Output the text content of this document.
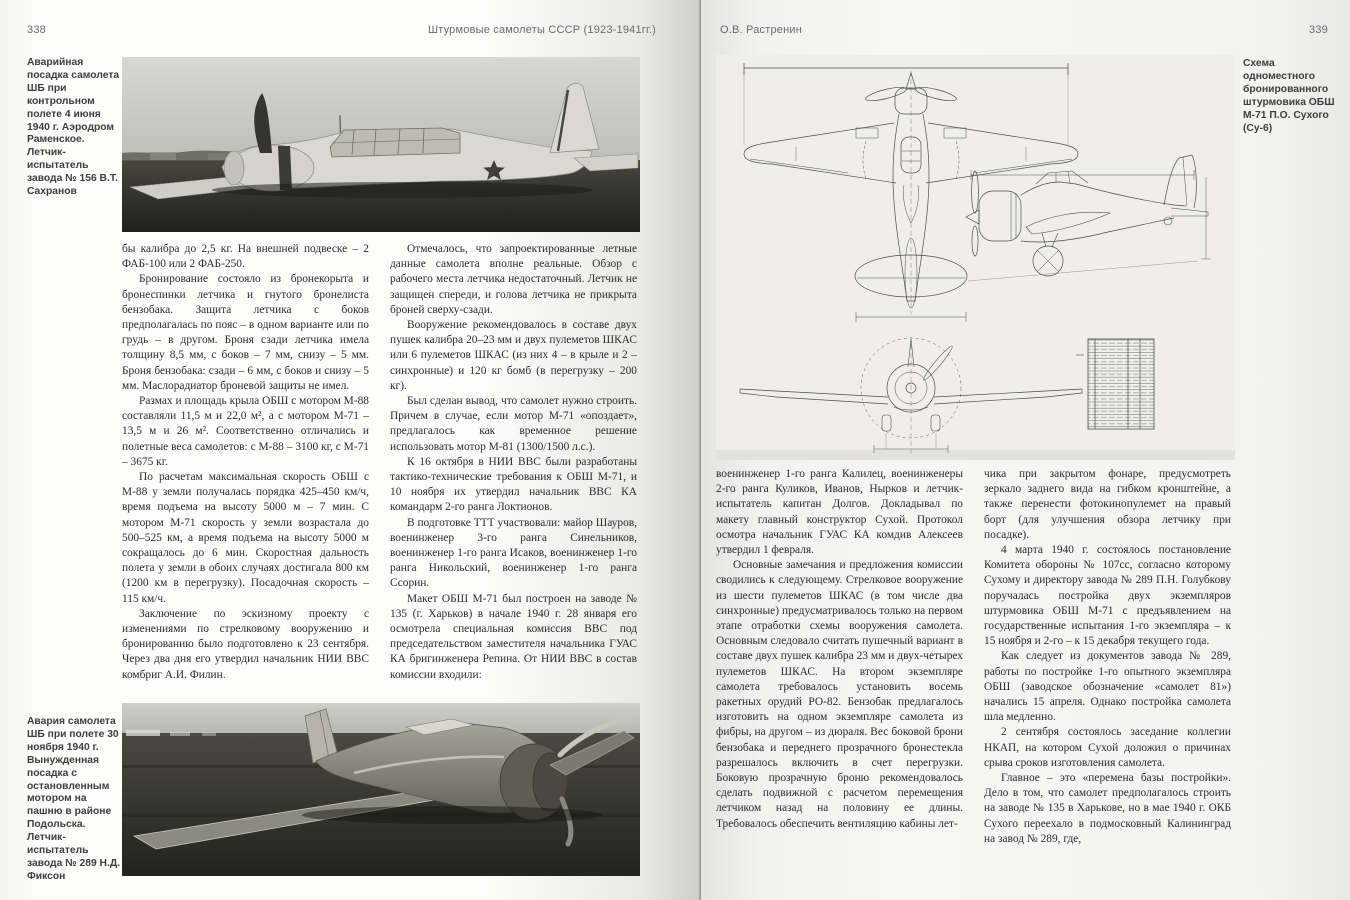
338	Штурмовые самолеты СССР (1923-1941гг.)
Аварийная посадка самолета ШБ при контрольном полете 4 июня 1940 г. Аэродром Раменское. Летчик-испытатель завода № 156 В.Т. Сахранов

бы калибра до 2,5 кг. На внешней подвеске – 2 ФАБ-100 или 2 ФАБ-250.

Бронирование состояло из бронекорыта и бронеспинки летчика и гнутого бронелиста бензобака. Защита летчика с боков предполагалась по пояс – в одном варианте или по грудь – в другом. Броня сзади летчика имела толщину 8,5 мм, с боков – 7 мм, снизу – 5 мм. Броня бензобака: сзади – 6 мм, с боков и снизу – 5 мм. Маслорадиатор броневой защиты не имел.

Размах и площадь крыла ОБШ с мотором М-88 составляли 11,5 м и 22,0 м², а с мотором М-71 – 13,5 м и 26 м². Соответственно отличались и полетные веса самолетов: с М-88 – 3100 кг, с М-71 – 3675 кг.

По расчетам максимальная скорость ОБШ с М-88 у земли получалась порядка 425–450 км/ч, время подъема на высоту 5000 м – 7 мин. С мотором М-71 скорость у земли возрастала до 500–525 км, а время подъема на высоту 5000 м сокращалось до 6 мин. Скоростная дальность полета у земли в обоих случаях достигала 800 км (1200 км в перегрузку). Посадочная скорость – 115 км/ч.

Заключение по эскизному проекту с изменениями по стрелковому вооружению и бронированию было подготовлено к 23 сентября. Через два дня его утвердил начальник НИИ ВВС комбриг А.И. Филин.

Отмечалось, что запроектированные летные данные самолета вполне реальные. Обзор с рабочего места летчика недостаточный. Летчик не защищен спереди, и голова летчика не прикрыта броней сверху-сзади.

Вооружение рекомендовалось в составе двух пушек калибра 20–23 мм и двух пулеметов ШКАС или 6 пулеметов ШКАС (из них 4 – в крыле и 2 – синхронные) и 120 кг бомб (в перегрузку – 200 кг).

Был сделан вывод, что самолет нужно строить. Причем в случае, если мотор М-71 «опоздает», предлагалось как временное решение использовать мотор М-81 (1300/1500 л.с.).

К 16 октября в НИИ ВВС были разработаны тактико-технические требования к ОБШ М-71, и 10 ноября их утвердил начальник ВВС КА командарм 2-го ранга Локтионов.

В подготовке ТТТ участвовали: майор Шауров, военинженер 3-го ранга Синельников, военинженер 1-го ранга Исаков, военинженер 1-го ранга Никольский, военинженер 1-го ранга Ссорин.

Макет ОБШ М-71 был построен на заводе № 135 (г. Харьков) в начале 1940 г. 28 января его осмотрела специальная комиссия ВВС под председательством заместителя начальника ГУАС КА бригинженера Репина. От НИИ ВВС в состав комиссии входили:

Авария самолета ШБ при полете 30 ноября 1940 г. Вынужденная посадка с остановленным мотором на пашню в районе Подольска. Летчик-испытатель завода № 289 Н.Д. Фиксон
О.В. Растренин	339
Схема одноместного бронированного штурмовика ОБШ М-71 П.О. Сухого (Су-6)

военинженер 1-го ранга Калилец, военинженеры 2-го ранга Куликов, Иванов, Нырков и летчик-испытатель капитан Долгов. Докладывал по макету главный конструктор Сухой. Протокол осмотра начальник ГУАС КА комдив Алексеев утвердил 1 февраля.

Основные замечания и предложения комиссии сводились к следующему. Стрелковое вооружение из шести пулеметов ШКАС (в том числе два синхронные) предусматривалось только на первом этапе отработки схемы вооружения самолета. Основным следовало считать пушечный вариант в составе двух пушек калибра 23 мм и двух-четырех пулеметов ШКАС. На втором экземпляре самолета требовалось установить восемь ракетных орудий РО-82. Бензобак предлагалось изготовить на одном экземпляре самолета из фибры, на другом – из дюраля. Вес боковой брони бензобака и переднего прозрачного бронестекла разрешалось включить в счет перегрузки. Боковую прозрачную броню рекомендовалось сделать подвижной с расчетом перемещения летчиком назад на половину ее длины. Требовалось обеспечить вентиляцию кабины лет-

чика при закрытом фонаре, предусмотреть зеркало заднего вида на гибком кронштейне, а также перенести фотокинопулемет на правый борт (для улучшения обзора летчику при посадке).

4 марта 1940 г. состоялось постановление Комитета обороны № 107сс, согласно которому Сухому и директору завода № 289 П.Н. Голубкову поручалась постройка двух экземпляров штурмовика ОБШ М-71 с предъявлением на государственные испытания 1-го экземпляра – к 15 ноября и 2-го – к 15 декабря текущего года.

Как следует из документов завода № 289, работы по постройке 1-го опытного экземпляра ОБШ (заводское обозначение «самолет 81») начались 15 апреля. Однако постройка самолета шла медленно.

2 сентября состоялось заседание коллегии НКАП, на котором Сухой доложил о причинах срыва сроков изготовления самолета.

Главное – это «перемена базы постройки». Дело в том, что самолет предполагалось строить на заводе № 135 в Харькове, но в мае 1940 г. ОКБ Сухого переехало в подмосковный Калининград на завод № 289, где,
